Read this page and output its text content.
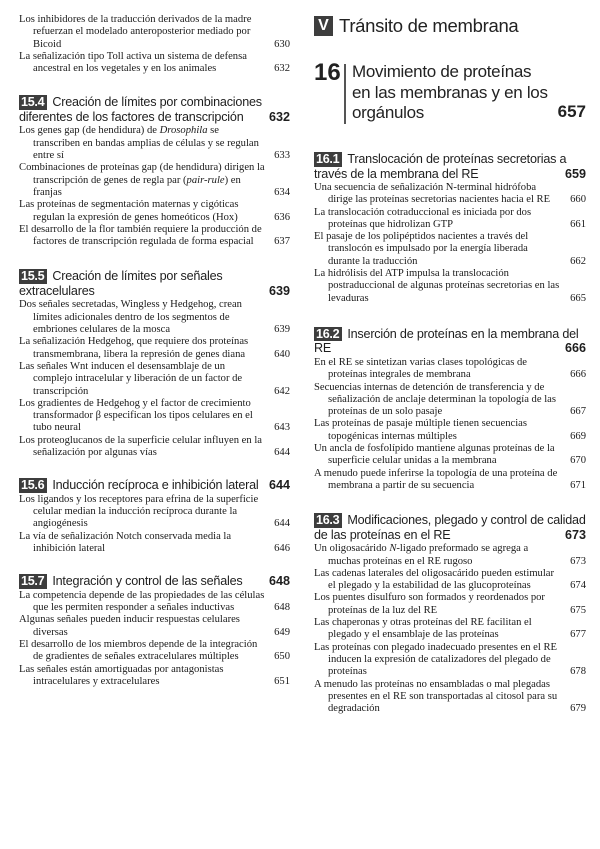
Los inhibidores de la traducción derivados de la madre refuerzan el modelado anteroposterior mediado por Bicoid	630
La señalización tipo Toll activa un sistema de defensa ancestral en los vegetales y en los animales	632
15.4 Creación de límites por combinaciones diferentes de los factores de transcripción 632
Los genes gap (de hendidura) de Drosophila se transcriben en bandas amplias de células y se regulan entre sí	633
Combinaciones de proteínas gap (de hendidura) dirigen la transcripción de genes de regla par (pair-rule) en franjas	634
Las proteínas de segmentación maternas y cigóticas regulan la expresión de genes homeóticos (Hox)	636
El desarrollo de la flor también requiere la producción de factores de transcripción regulada de forma espacial 637
15.5 Creación de límites por señales extracelulares	639
Dos señales secretadas, Wingless y Hedgehog, crean límites adicionales dentro de los segmentos de embriones celulares de la mosca	639
La señalización Hedgehog, que requiere dos proteínas transmembrana, libera la represión de genes diana	640
Las señales Wnt inducen el desensamblaje de un complejo intracelular y liberación de un factor de transcripción	642
Los gradientes de Hedgehog y el factor de crecimiento transformador β especifican los tipos celulares en el tubo neural	643
Los proteoglucanos de la superficie celular influyen en la señalización por algunas vías	644
15.6 Inducción recíproca e inhibición lateral 644
Los ligandos y los receptores para efrina de la superficie celular median la inducción recíproca durante la angiogénesis	644
La vía de señalización Notch conservada media la inhibición lateral	646
15.7 Integración y control de las señales 648
La competencia depende de las propiedades de las células que les permiten responder a señales inductivas	648
Algunas señales pueden inducir respuestas celulares diversas	649
El desarrollo de los miembros depende de la integración de gradientes de señales extracelulares múltiples	650
Las señales están amortiguadas por antagonistas intracelulares y extracelulares	651
V Tránsito de membrana
16 Movimiento de proteínas en las membranas y en los orgánulos	657
16.1 Translocación de proteínas secretorias a través de la membrana del RE	659
Una secuencia de señalización N-terminal hidrófoba dirige las proteínas secretorias nacientes hacia el RE 660
La translocación cotraduccional es iniciada por dos proteínas que hidrolizan GTP	661
El pasaje de los polipéptidos nacientes a través del translocón es impulsado por la energía liberada durante la traducción	662
La hidrólisis del ATP impulsa la translocación postraduccional de algunas proteínas secretorias en las levaduras	665
16.2 Inserción de proteínas en la membrana del RE	666
En el RE se sintetizan varias clases topológicas de proteínas integrales de membrana	666
Secuencias internas de detención de transferencia y de señalización de anclaje determinan la topología de las proteínas de un solo pasaje	667
Las proteínas de pasaje múltiple tienen secuencias topogénicas internas múltiples	669
Un ancla de fosfolípido mantiene algunas proteínas de la superficie celular unidas a la membrana	670
A menudo puede inferirse la topología de una proteína de membrana a partir de su secuencia	671
16.3 Modificaciones, plegado y control de calidad de las proteínas en el RE	673
Un oligosacárido N-ligado preformado se agrega a muchas proteínas en el RE rugoso	673
Las cadenas laterales del oligosacárido pueden estimular el plegado y la estabilidad de las glucoproteínas	674
Los puentes disulfuro son formados y reordenados por proteínas de la luz del RE	675
Las chaperonas y otras proteínas del RE facilitan el plegado y el ensamblaje de las proteínas	677
Las proteínas con plegado inadecuado presentes en el RE inducen la expresión de catalizadores del plegado de proteínas	678
A menudo las proteínas no ensambladas o mal plegadas presentes en el RE son transportadas al citosol para su degradación	679
